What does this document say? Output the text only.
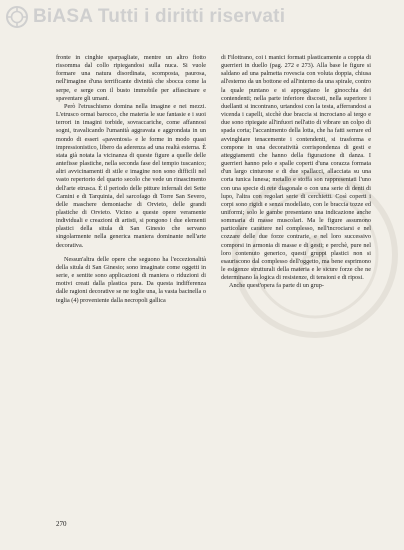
BiASA Tutti i diritti riservati
A

fronte in cinghie sparpagliate, mentre un altro fiotto rissomma dal collo ripiegandosi sulla nuca. Si vuole formare una natura disordinata, scomposta, paurosa, nell'imagine d'una terrificante divinità che sbocca come la serpe, e serge con il busto immobile per affascinare e spaventare gli umani.

Però l'etruschismo domina nella imagine e nei mezzi. L'etrusco ormai barocco, che materia le sue fantasie e i suoi terrori in imagini torbide, sovraccariche, come affannosi sogni, travalicando l'umanità aggravata e aggrondata in un mondo di esseri «paventosi» e le forme in modo quasi impressionistico, libero da aderenza ad una realtà esterna. È stata già notata la vicinanza di queste figure a quelle delle antefisse plastiche, nella seconda fase del tempio tuscanico; altri avvicinamenti di stile e imagine non sono difficili nel vasto repertorio del quarto secolo che vede un rinascimento dell'arte etrusca. È il periodo delle pitture infernali dei Sette Camini e di Tarquinia, del sarcofago di Torre San Severo, delle maschere demoniache di Orvieto, delle grandi plastiche di Orvieto. Vicino a queste opere veramente individuali e creazioni di artisti, si pongono i due elementi plastici della situla di San Ginesio che servano singolarmente nella generica maniera dominante nell'arte decorativa.

Nessun'altra delle opere che seguono ha l'eccezionalità della situla di San Ginesio; sono imaginate come oggetti in serie, e sentite sono applicazioni di maniera o riduzioni di motivi creati dalla plastica pura. Da questa indifferenza dalle ragioni decorative se ne toglie una, la vasta bacinella o teglia (4) proveniente dalla necropoli gallica

di Filottrano, coi i manici formati plasticamente a coppia di guerrieri in duello (pag. 272 e 273). Alla base le figure si saldano ad una palmetta rovescia con voluta doppia, chiusa all'esterno da un bottone ed all'interno da una spirale, contro la quale puntano e si appoggiano le ginocchia dei contendenti; nella parte inferiore discosti, nella superiore i duellanti si incontrano, urtandosi con la testa, afferrandosi a vicenda i capelli, sicchè due braccia si incrociano al tergo e due sono ripiegate all'infuori nell'atto di vibrare un colpo di spada corta; l'accanimento della lotta, che ha fatti serrare ed avvinghiare tenacemente i contendenti, si trasforma e compone in una decoratività corrispondenza di gesti e atteggiamenti che hanno della figurazione di danza. I guerrieri hanno pelo e spalle coperti d'una corazza formata d'un largo cinturone e di due spallacci, allacciata su una corta tunica lunesa; metallo e stoffa son rappresentati l'uno con una specie di rete diagonale o con una serie di denti di lupo, l'altra con regolari serie di cerchietti. Così coperti i corpi sono rigidi e senza modellato, con le braccia tozze ed uniformi; solo le gambe presentano una indicazione anche sommaria di masse muscolari. Ma le figure assumono particolare carattere nel complesso, nell'incrociarsi e nel cozzare delle due forze contrarie, e nel loro successivo comporsi in armonia di masse e di gesti; e perchè, pure nel loro contenuto generico, questi gruppi plastici non si esauriscono dal complesso dell'oggetto, ma bene esprimono le esigenze strutturali della materia e le sicure forze che ne determinano la logica di resistenze, di tensioni e di riposi.

Anche quest'opera fa parte di un grup-

270
